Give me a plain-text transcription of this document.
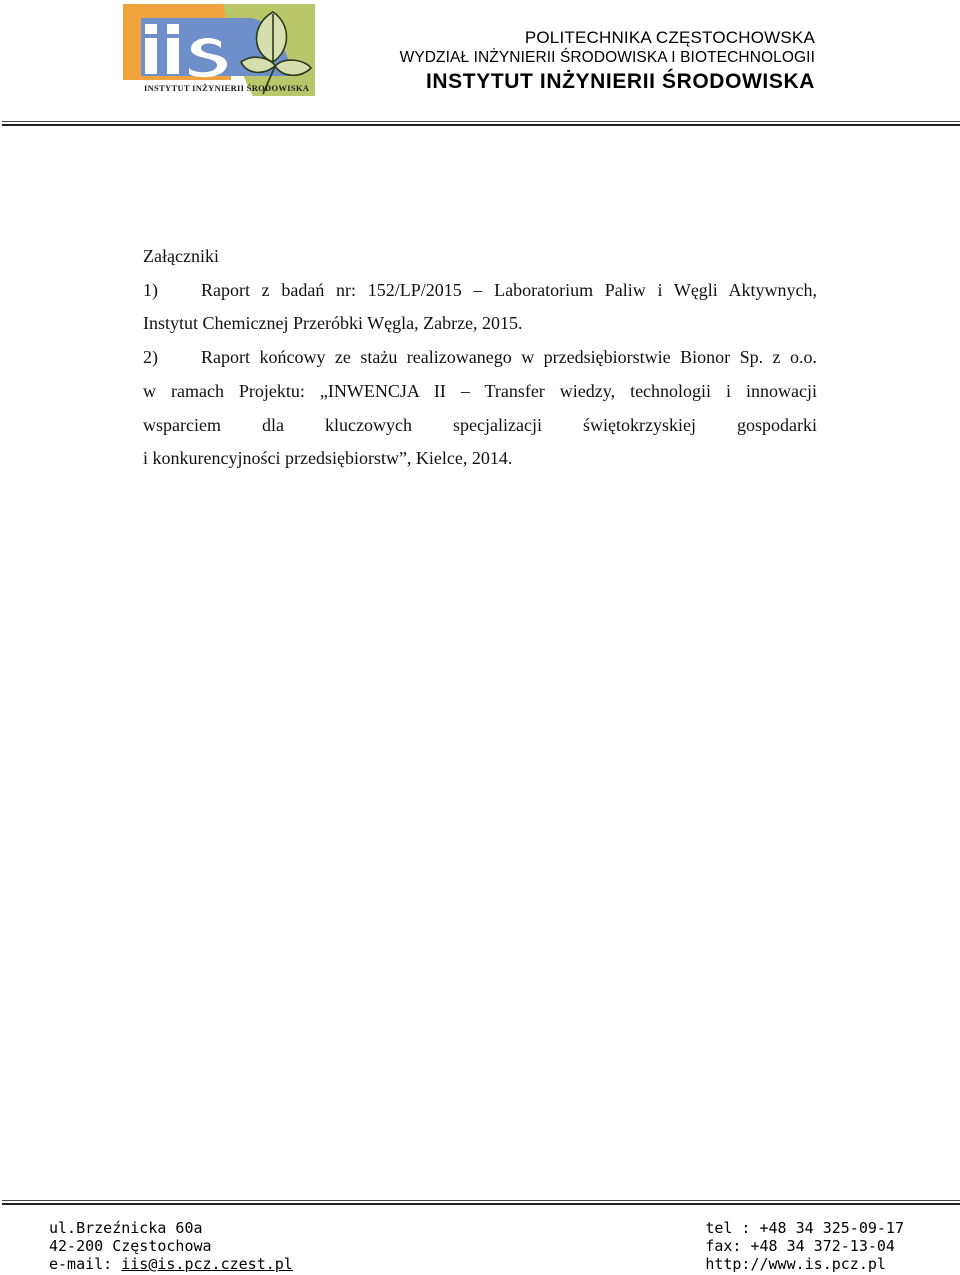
INSTYTUT INŻYNIERII ŚRODOWISKA
POLITECHNIKA CZĘSTOCHOWSKA
WYDZIAŁ INŻYNIERII ŚRODOWISKA I BIOTECHNOLOGII
INSTYTUT INŻYNIERII ŚRODOWISKA

Załączniki

1) Raport z badań nr: 152/LP/2015 – Laboratorium Paliw i Węgli Aktywnych,

Instytut Chemicznej Przeróbki Węgla, Zabrze, 2015.

2) Raport końcowy ze stażu realizowanego w przedsiębiorstwie Bionor Sp. z o.o.

w ramach Projektu: „INWENCJA II – Transfer wiedzy, technologii i innowacji

wsparciem dla kluczowych specjalizacji świętokrzyskiej gospodarki

i konkurencyjności przedsiębiorstw”, Kielce, 2014.

ul.Brzeźnicka 60a
42-200 Częstochowa
e-mail: iis@is.pcz.czest.pl
tel : +48 34 325-09-17
fax: +48 34 372-13-04
http://www.is.pcz.pl
